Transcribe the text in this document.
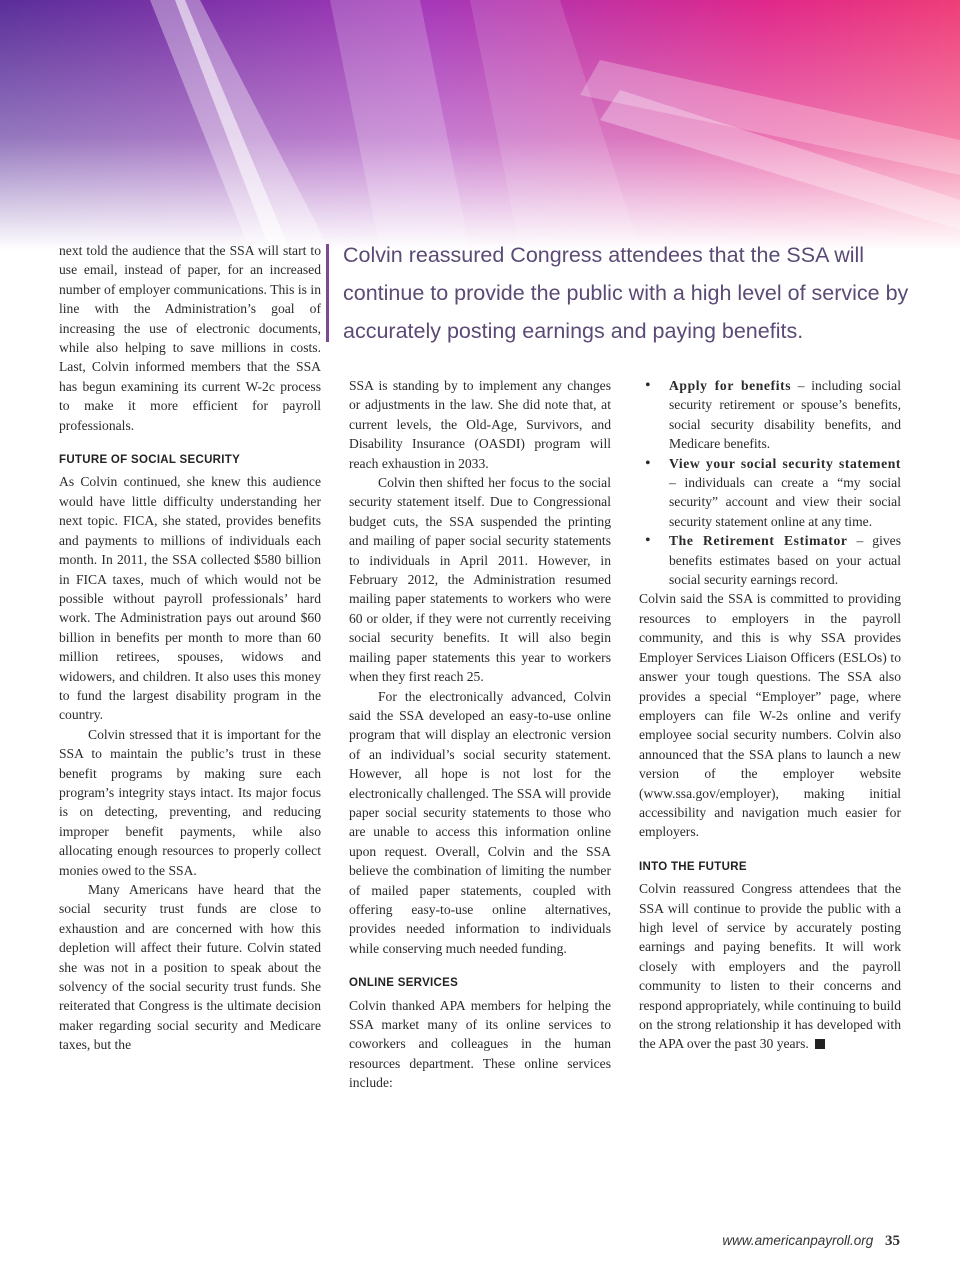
Colvin reassured Congress attendees that the SSA will continue to provide the public with a high level of service by accurately posting earnings and paying benefits.

next told the audience that the SSA will start to use email, instead of paper, for an increased number of employer communications. This is in line with the Administration’s goal of increasing the use of electronic documents, while also helping to save millions in costs. Last, Colvin informed members that the SSA has begun examining its current W-2c process to make it more efficient for payroll professionals.

FUTURE OF SOCIAL SECURITY

As Colvin continued, she knew this audience would have little difficulty understanding her next topic. FICA, she stated, provides benefits and payments to millions of individuals each month. In 2011, the SSA collected $580 billion in FICA taxes, much of which would not be possible without payroll professionals’ hard work. The Administration pays out around $60 billion in benefits per month to more than 60 million retirees, spouses, widows and widowers, and children. It also uses this money to fund the largest disability program in the country.

Colvin stressed that it is important for the SSA to maintain the public’s trust in these benefit programs by making sure each program’s integrity stays intact. Its major focus is on detecting, preventing, and reducing improper benefit payments, while also allocating enough resources to properly collect monies owed to the SSA.

Many Americans have heard that the social security trust funds are close to exhaustion and are concerned with how this depletion will affect their future. Colvin stated she was not in a position to speak about the solvency of the social security trust funds. She reiterated that Congress is the ultimate decision maker regarding social security and Medicare taxes, but the

SSA is standing by to implement any changes or adjustments in the law. She did note that, at current levels, the Old-Age, Survivors, and Disability Insurance (OASDI) program will reach exhaustion in 2033.

Colvin then shifted her focus to the social security statement itself. Due to Congressional budget cuts, the SSA suspended the printing and mailing of paper social security statements to individuals in April 2011. However, in February 2012, the Administration resumed mailing paper statements to workers who were 60 or older, if they were not currently receiving social security benefits. It will also begin mailing paper statements this year to workers when they first reach 25.

For the electronically advanced, Colvin said the SSA developed an easy-to-use online program that will display an electronic version of an individual’s social security statement. However, all hope is not lost for the electronically challenged. The SSA will provide paper social security statements to those who are unable to access this information online upon request. Overall, Colvin and the SSA believe the combination of limiting the number of mailed paper statements, coupled with offering easy-to-use online alternatives, provides needed information to individuals while conserving much needed funding.

ONLINE SERVICES

Colvin thanked APA members for helping the SSA market many of its online services to coworkers and colleagues in the human resources department. These online services include:

• Apply for benefits – including social security retirement or spouse’s benefits, social security disability benefits, and Medicare benefits.
• View your social security statement – individuals can create a “my social security” account and view their social security statement online at any time.
• The Retirement Estimator – gives benefits estimates based on your actual social security earnings record.

Colvin said the SSA is committed to providing resources to employers in the payroll community, and this is why SSA provides Employer Services Liaison Officers (ESLOs) to answer your tough questions. The SSA also provides a special “Employer” page, where employers can file W-2s online and verify employee social security numbers. Colvin also announced that the SSA plans to launch a new version of the employer website (www.ssa.gov/employer), making initial accessibility and navigation much easier for employers.

INTO THE FUTURE

Colvin reassured Congress attendees that the SSA will continue to provide the public with a high level of service by accurately posting earnings and paying benefits. It will work closely with employers and the payroll community to listen to their concerns and respond appropriately, while continuing to build on the strong relationship it has developed with the APA over the past 30 years.

www.americanpayroll.org 35
